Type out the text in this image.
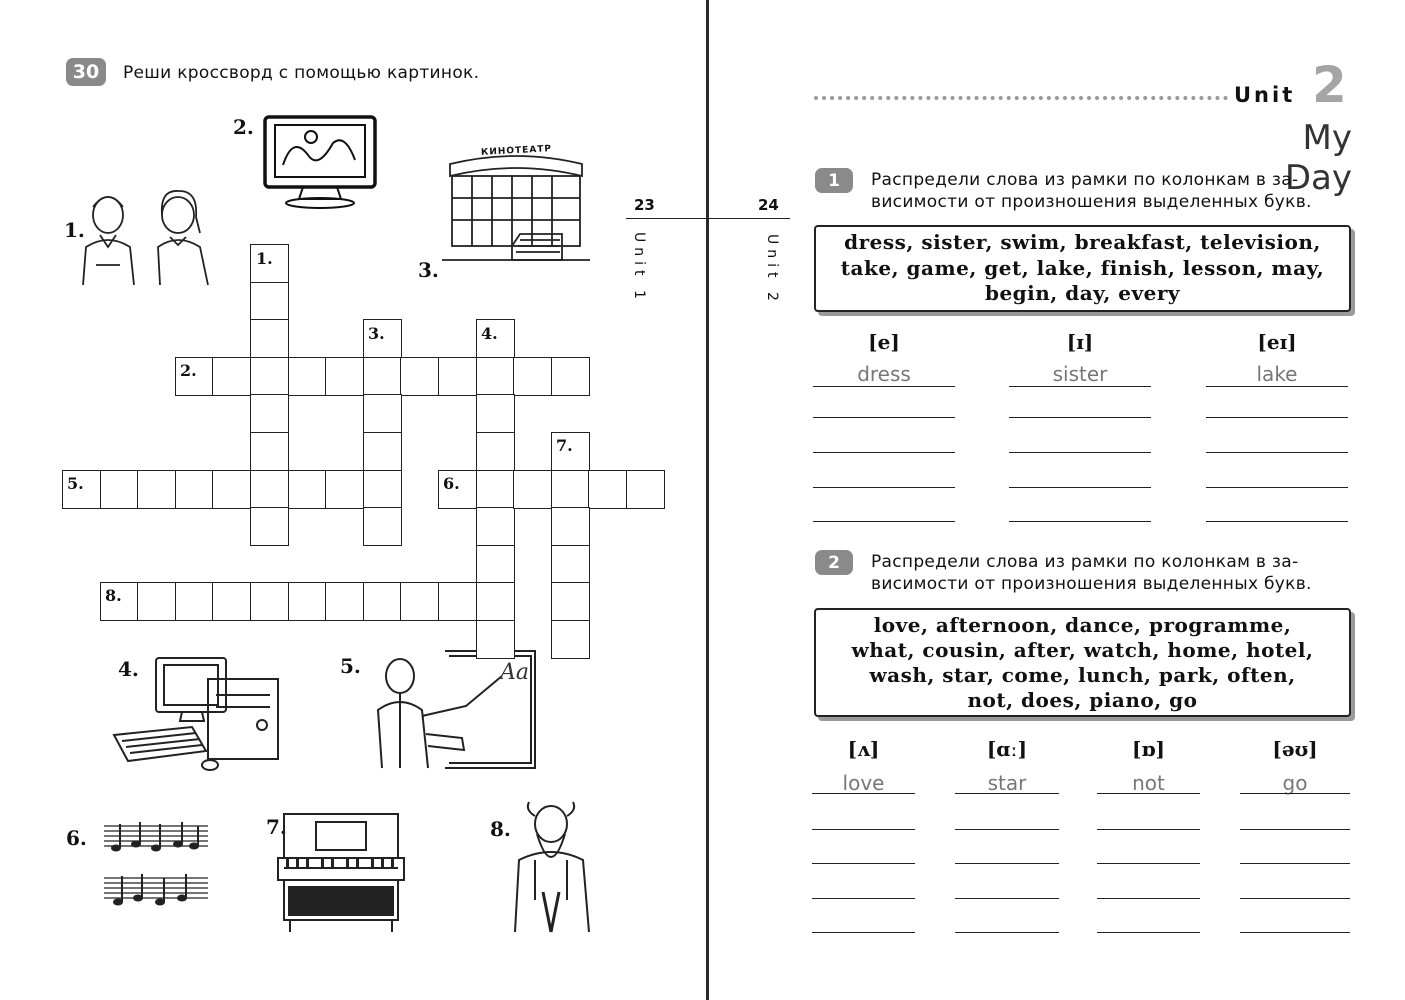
30	Реши кроссворд с помощью картинок.
1.
2.
3.
4.	5.
6.	7.	8.
КИНОТЕАТР
Aa
1.
2.
3.	4.
5.	6.
7.
8.
23
Unit 1
24
Unit 2
Unit 2
My Day
1	Распредели слова из рамки по колонкам в за-
висимости от произношения выделенных букв.
dress, sister, swim, breakfast, television,
take, game, get, lake, finish, lesson, may,
begin, day, every
[e]	[ɪ]	[eɪ]
dress	sister	lake
2	Распредели слова из рамки по колонкам в за-
висимости от произношения выделенных букв.
love, afternoon, dance, programme,
what, cousin, after, watch, home, hotel,
wash, star, come, lunch, park, often,
not, does, piano, go
[ʌ]	[ɑː]	[ɒ]	[əʊ]
love	star	not	go
